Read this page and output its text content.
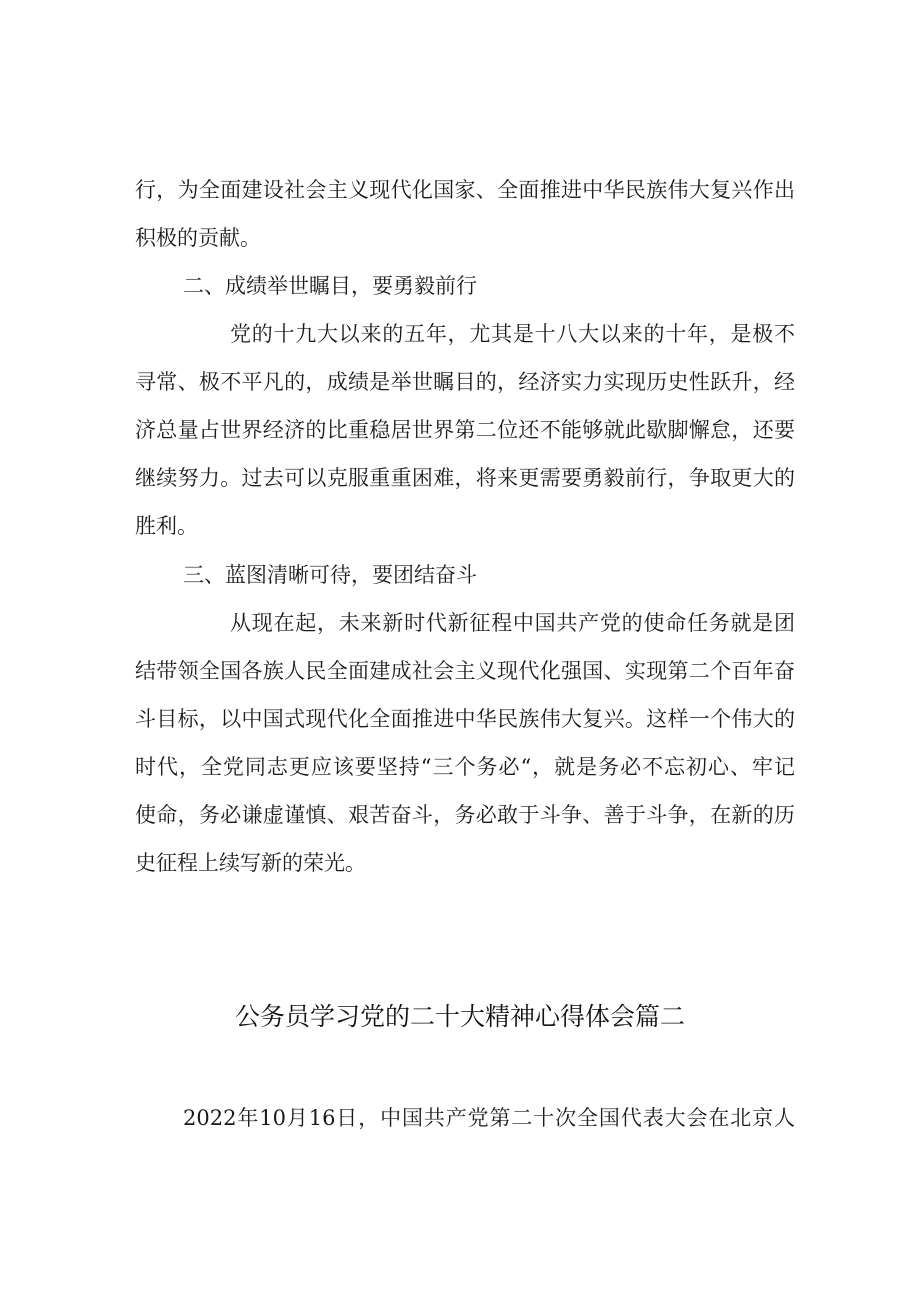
行，为全面建设社会主义现代化国家、全面推进中华民族伟大复兴作出
积极的贡献。
二、成绩举世瞩目，要勇毅前行
党的十九大以来的五年，尤其是十八大以来的十年，是极不
寻常、极不平凡的，成绩是举世瞩目的，经济实力实现历史性跃升，经
济总量占世界经济的比重稳居世界第二位还不能够就此歇脚懈怠，还要
继续努力。过去可以克服重重困难，将来更需要勇毅前行，争取更大的
胜利。
三、蓝图清晰可待，要团结奋斗
从现在起，未来新时代新征程中国共产党的使命任务就是团
结带领全国各族人民全面建成社会主义现代化强国、实现第二个百年奋
斗目标，以中国式现代化全面推进中华民族伟大复兴。这样一个伟大的
时代，全党同志更应该要坚持“三个务必“，就是务必不忘初心、牢记
使命，务必谦虚谨慎、艰苦奋斗，务必敢于斗争、善于斗争，在新的历
史征程上续写新的荣光。
公务员学习党的二十大精神心得体会篇二
2022年10月16日，中国共产党第二十次全国代表大会在北京人
